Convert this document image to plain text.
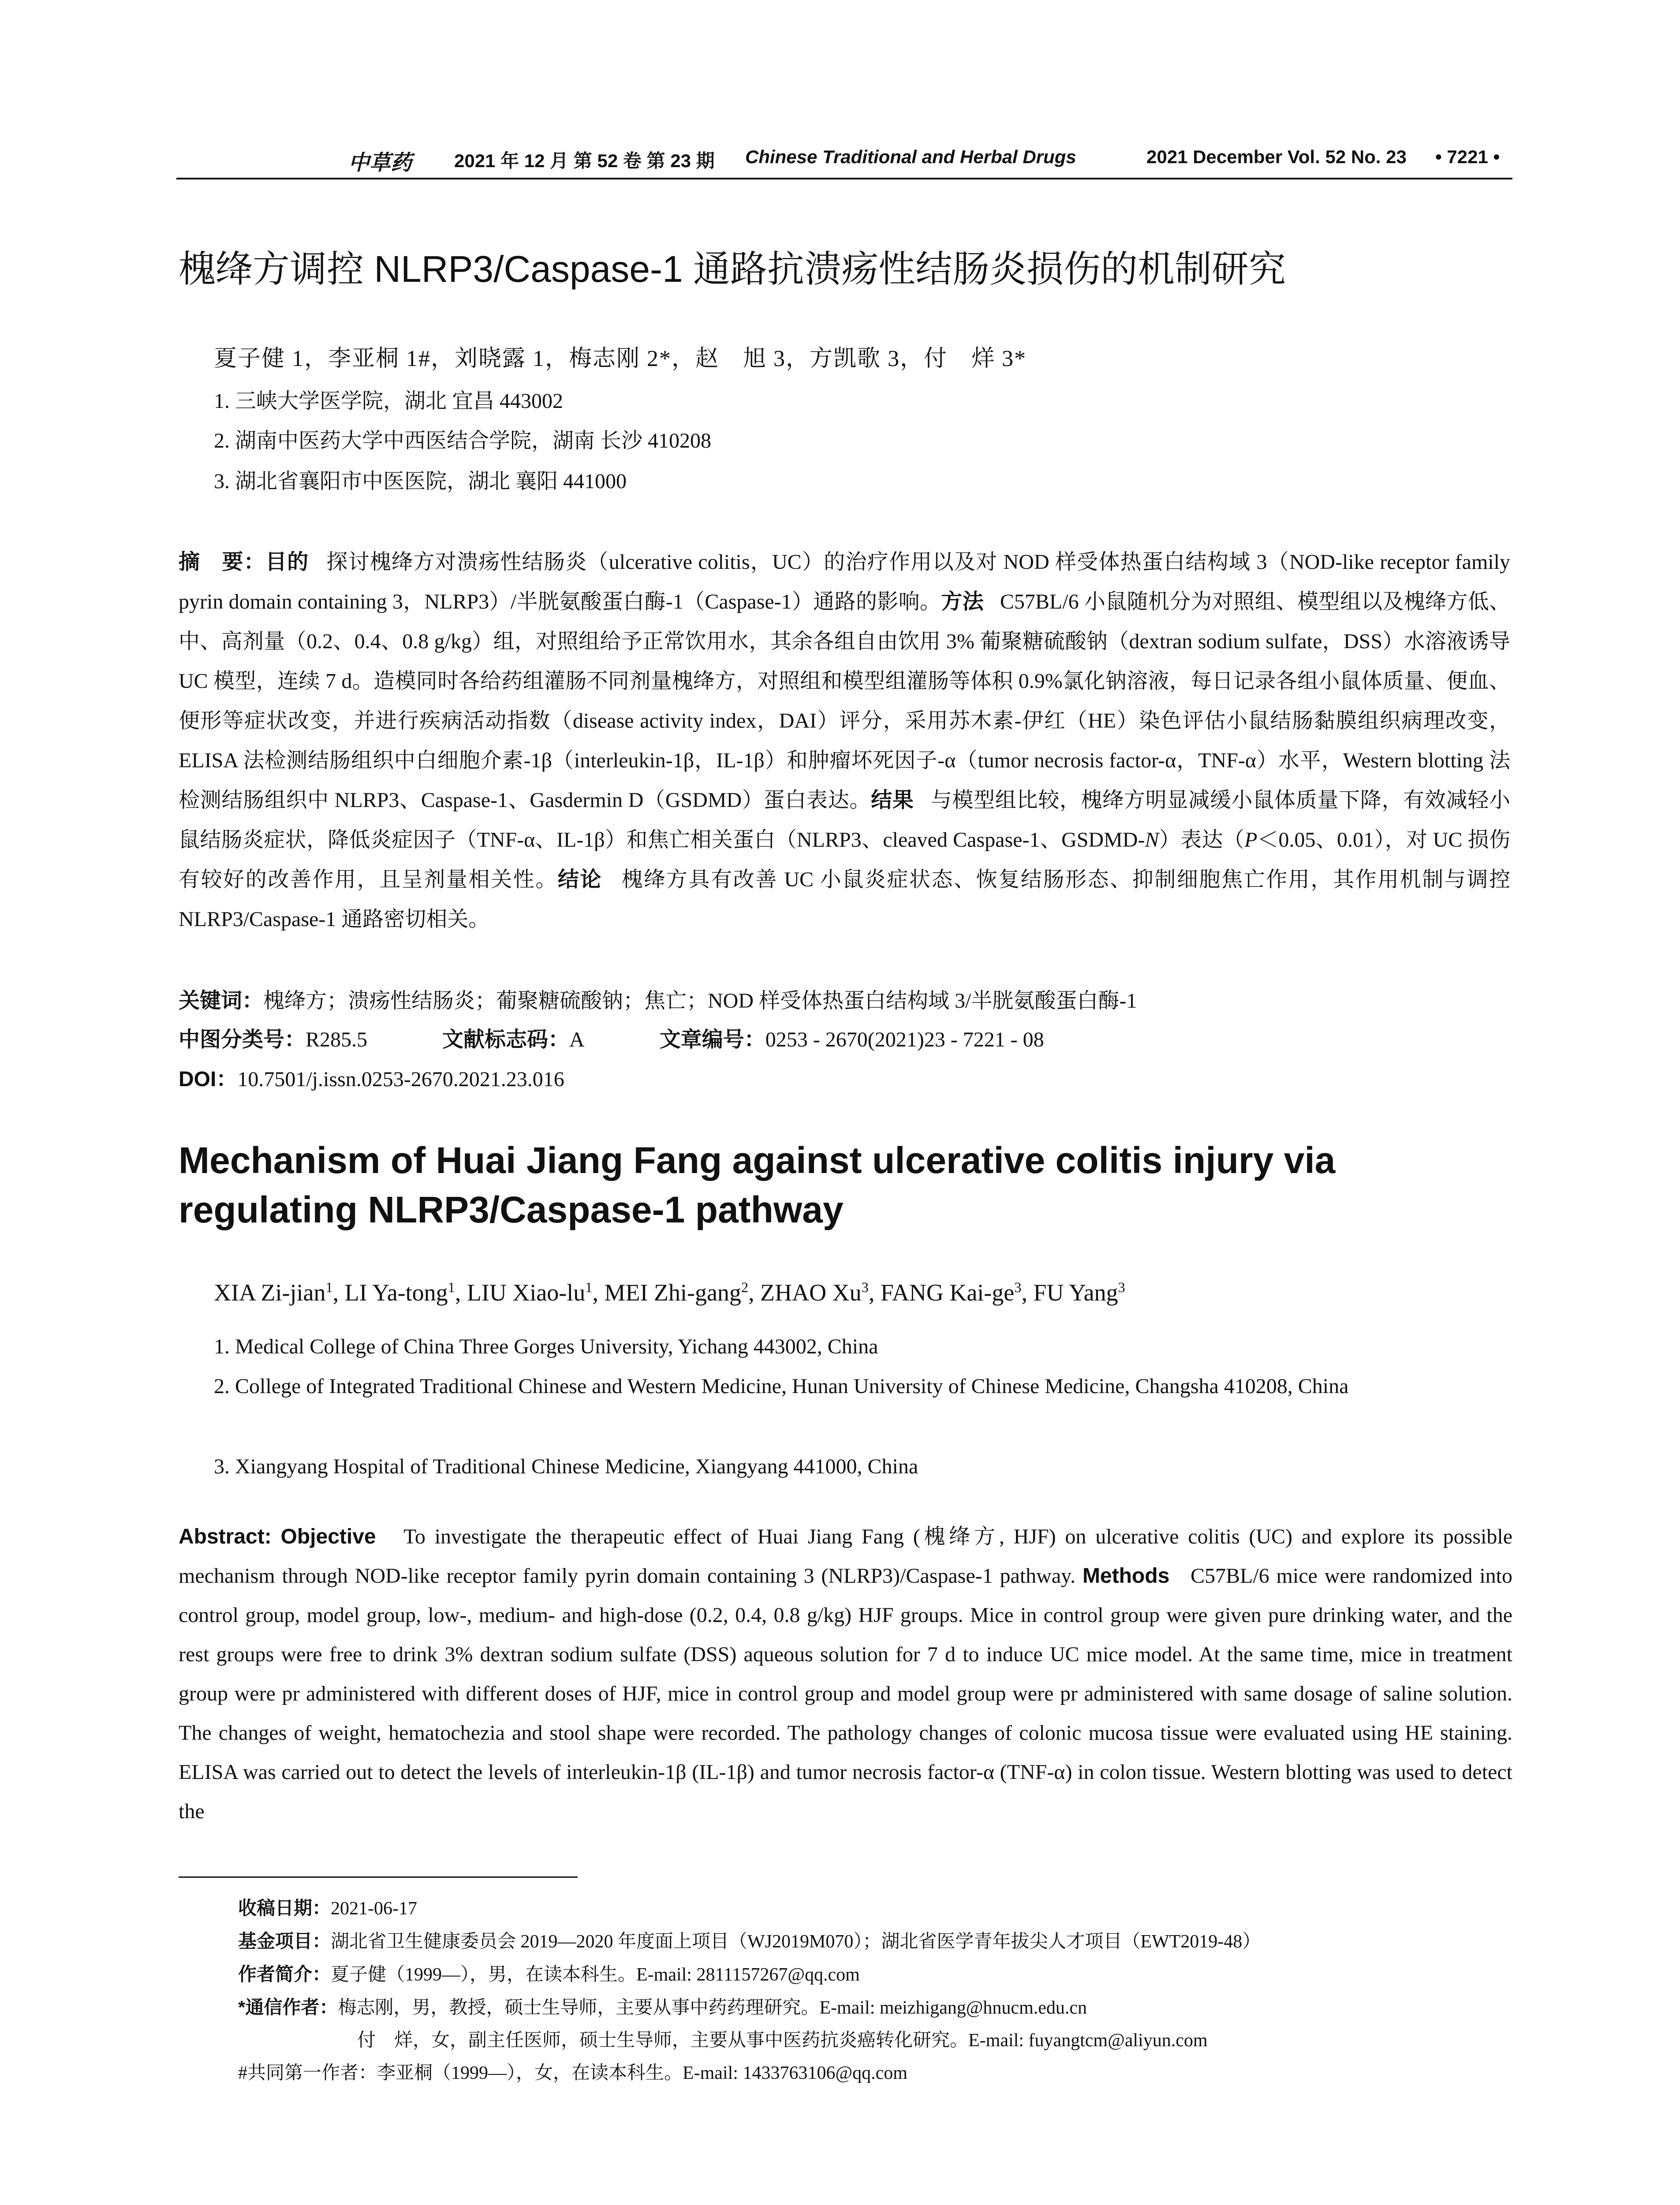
中草药 2021 年 12 月 第 52 卷 第 23 期 Chinese Traditional and Herbal Drugs	2021 December Vol. 52 No. 23 • 7221 •
槐绛方调控 NLRP3/Caspase-1 通路抗溃疡性结肠炎损伤的机制研究
夏子健 1，李亚桐 1#，刘晓露 1，梅志刚 2*，赵　旭 3，方凯歌 3，付　烊 3*
1. 三峡大学医学院，湖北 宜昌 443002
2. 湖南中医药大学中西医结合学院，湖南 长沙 410208
3. 湖北省襄阳市中医医院，湖北 襄阳 441000
摘　要：目的 探讨槐绛方对溃疡性结肠炎（ulcerative colitis，UC）的治疗作用以及对 NOD 样受体热蛋白结构域 3（NOD-like receptor family pyrin domain containing 3，NLRP3）/半胱氨酸蛋白酶-1（Caspase-1）通路的影响。方法 C57BL/6 小鼠随机分为对照组、模型组以及槐绛方低、中、高剂量（0.2、0.4、0.8 g/kg）组，对照组给予正常饮用水，其余各组自由饮用 3% 葡聚糖硫酸钠（dextran sodium sulfate，DSS）水溶液诱导 UC 模型，连续 7 d。造模同时各给药组灌肠不同剂量槐绛方，对照组和模型组灌肠等体积 0.9%氯化钠溶液，每日记录各组小鼠体质量、便血、便形等症状改变，并进行疾病活动指数（disease activity index，DAI）评分，采用苏木素-伊红（HE）染色评估小鼠结肠黏膜组织病理改变，ELISA 法检测结肠组织中白细胞介素-1β（interleukin-1β，IL-1β）和肿瘤坏死因子-α（tumor necrosis factor-α，TNF-α）水平，Western blotting 法检测结肠组织中 NLRP3、Caspase-1、Gasdermin D（GSDMD）蛋白表达。结果 与模型组比较，槐绛方明显减缓小鼠体质量下降，有效减轻小鼠结肠炎症状，降低炎症因子（TNF-α、IL-1β）和焦亡相关蛋白（NLRP3、cleaved Caspase-1、GSDMD-N）表达（P＜0.05、0.01），对 UC 损伤有较好的改善作用，且呈剂量相关性。结论 槐绛方具有改善 UC 小鼠炎症状态、恢复结肠形态、抑制细胞焦亡作用，其作用机制与调控 NLRP3/Caspase-1 通路密切相关。
关键词：槐绛方；溃疡性结肠炎；葡聚糖硫酸钠；焦亡；NOD 样受体热蛋白结构域 3/半胱氨酸蛋白酶-1
中图分类号：R285.5	文献标志码：A	文章编号：0253 - 2670(2021)23 - 7221 - 08
DOI：10.7501/j.issn.0253-2670.2021.23.016
Mechanism of Huai Jiang Fang against ulcerative colitis injury via regulating NLRP3/Caspase-1 pathway
XIA Zi-jian$^1$, LI Ya-tong$^1$, LIU Xiao-$lu^1$, MEI Zhi-gang$^2$, ZHAO Xu$^3$, FANG Kai-$ge^3$, FU Yang$^3$
1. Medical College of China Three Gorges University, Yichang 443002, China
2. College of Integrated Traditional Chinese and Western Medicine, Hunan University of Chinese Medicine, Changsha 410208, China
3. Xiangyang Hospital of Traditional Chinese Medicine, Xiangyang 441000, China
Abstract: Objective To investigate the therapeutic effect of Huai Jiang Fang (槐绛方, HJF) on ulcerative colitis (UC) and explore its possible mechanism through NOD-like receptor family pyrin domain containing 3 (NLRP3)/Caspase-1 pathway. Methods C57BL/6 mice were randomized into control group, model group, low-, medium- and high-dose (0.2, 0.4, 0.8 g/kg) HJF groups. Mice in control group were given pure drinking water, and the rest groups were free to drink 3% dextran sodium sulfate (DSS) aqueous solution for 7 d to induce UC mice model. At the same time, mice in treatment group were pr administered with different doses of HJF, mice in control group and model group were pr administered with same dosage of saline solution. The changes of weight, hematochezia and stool shape were recorded. The pathology changes of colonic mucosa tissue were evaluated using HE staining. ELISA was carried out to detect the levels of interleukin-1β (IL-1β) and tumor necrosis factor-α (TNF-α) in colon tissue. Western blotting was used to detect the
收稿日期：2021-06-17
基金项目：湖北省卫生健康委员会 2019—2020 年度面上项目（WJ2019M070）；湖北省医学青年拔尖人才项目（EWT2019-48）
作者简介：夏子健（1999—），男，在读本科生。E-mail: 2811157267@qq.com
*通信作者：梅志刚，男，教授，硕士生导师，主要从事中药药理研究。E-mail: meizhigang@hnucm.edu.cn
付　烊，女，副主任医师，硕士生导师，主要从事中医药抗炎癌转化研究。E-mail: fuyangtcm@aliyun.com
#共同第一作者：李亚桐（1999—），女，在读本科生。E-mail: 1433763106@qq.com
